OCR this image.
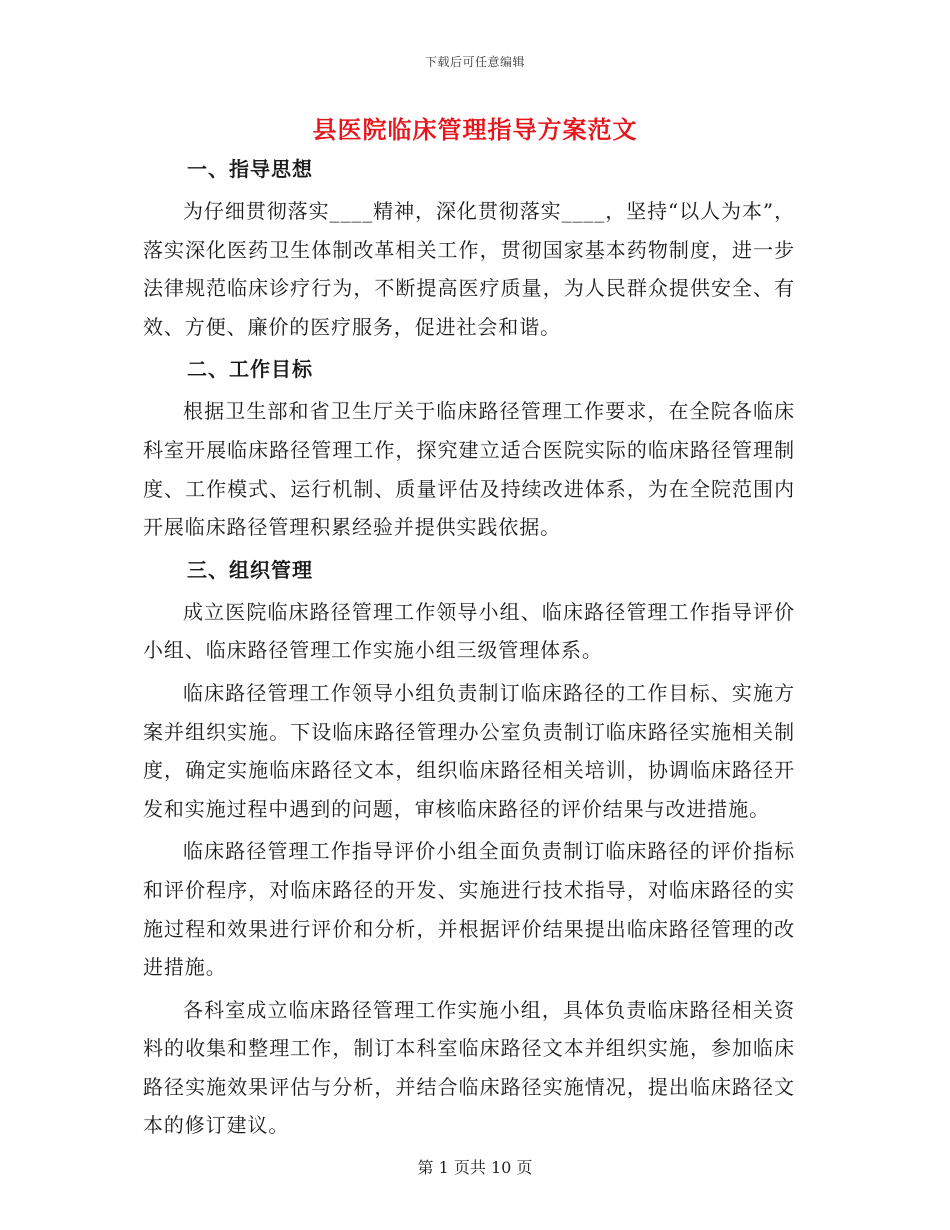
下载后可任意编辑
县医院临床管理指导方案范文
一、指导思想

为仔细贯彻落实____精神，深化贯彻落实____，坚持“以人为本”，落实深化医药卫生体制改革相关工作，贯彻国家基本药物制度，进一步法律规范临床诊疗行为，不断提高医疗质量，为人民群众提供安全、有效、方便、廉价的医疗服务，促进社会和谐。

二、工作目标

根据卫生部和省卫生厅关于临床路径管理工作要求，在全院各临床科室开展临床路径管理工作，探究建立适合医院实际的临床路径管理制度、工作模式、运行机制、质量评估及持续改进体系，为在全院范围内开展临床路径管理积累经验并提供实践依据。

三、组织管理

成立医院临床路径管理工作领导小组、临床路径管理工作指导评价小组、临床路径管理工作实施小组三级管理体系。

临床路径管理工作领导小组负责制订临床路径的工作目标、实施方案并组织实施。下设临床路径管理办公室负责制订临床路径实施相关制度，确定实施临床路径文本，组织临床路径相关培训，协调临床路径开发和实施过程中遇到的问题，审核临床路径的评价结果与改进措施。

临床路径管理工作指导评价小组全面负责制订临床路径的评价指标和评价程序，对临床路径的开发、实施进行技术指导，对临床路径的实施过程和效果进行评价和分析，并根据评价结果提出临床路径管理的改进措施。

各科室成立临床路径管理工作实施小组，具体负责临床路径相关资料的收集和整理工作，制订本科室临床路径文本并组织实施，参加临床路径实施效果评估与分析，并结合临床路径实施情况，提出临床路径文本的修订建议。

第 1 页共 10 页
